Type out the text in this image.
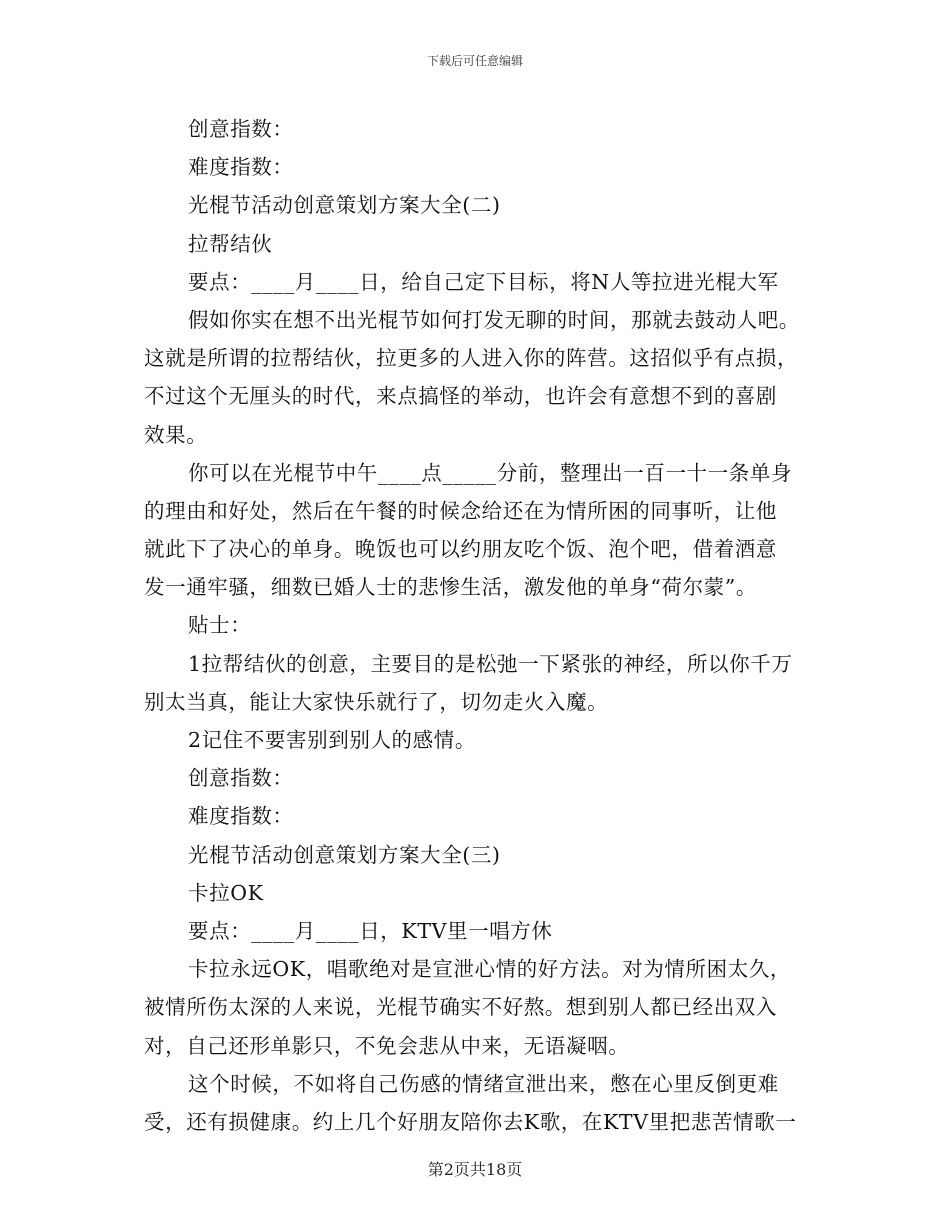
下载后可任意编辑
创意指数：
难度指数：
光棍节活动创意策划方案大全(二)
拉帮结伙
要点：____月____日，给自己定下目标，将N人等拉进光棍大军
假如你实在想不出光棍节如何打发无聊的时间，那就去鼓动人吧。
这就是所谓的拉帮结伙，拉更多的人进入你的阵营。这招似乎有点损，
不过这个无厘头的时代，来点搞怪的举动，也许会有意想不到的喜剧
效果。
你可以在光棍节中午____点_____分前，整理出一百一十一条单身
的理由和好处，然后在午餐的时候念给还在为情所困的同事听，让他
就此下了决心的单身。晚饭也可以约朋友吃个饭、泡个吧，借着酒意
发一通牢骚，细数已婚人士的悲惨生活，激发他的单身“荷尔蒙”。
贴士：
1拉帮结伙的创意，主要目的是松弛一下紧张的神经，所以你千万
别太当真，能让大家快乐就行了，切勿走火入魔。
2记住不要害别到别人的感情。
创意指数：
难度指数：
光棍节活动创意策划方案大全(三)
卡拉OK
要点：____月____日，KTV里一唱方休
卡拉永远OK，唱歌绝对是宣泄心情的好方法。对为情所困太久，
被情所伤太深的人来说，光棍节确实不好熬。想到别人都已经出双入
对，自己还形单影只，不免会悲从中来，无语凝咽。
这个时候，不如将自己伤感的情绪宣泄出来，憋在心里反倒更难
受，还有损健康。约上几个好朋友陪你去K歌，在KTV里把悲苦情歌一
第2页共18页
